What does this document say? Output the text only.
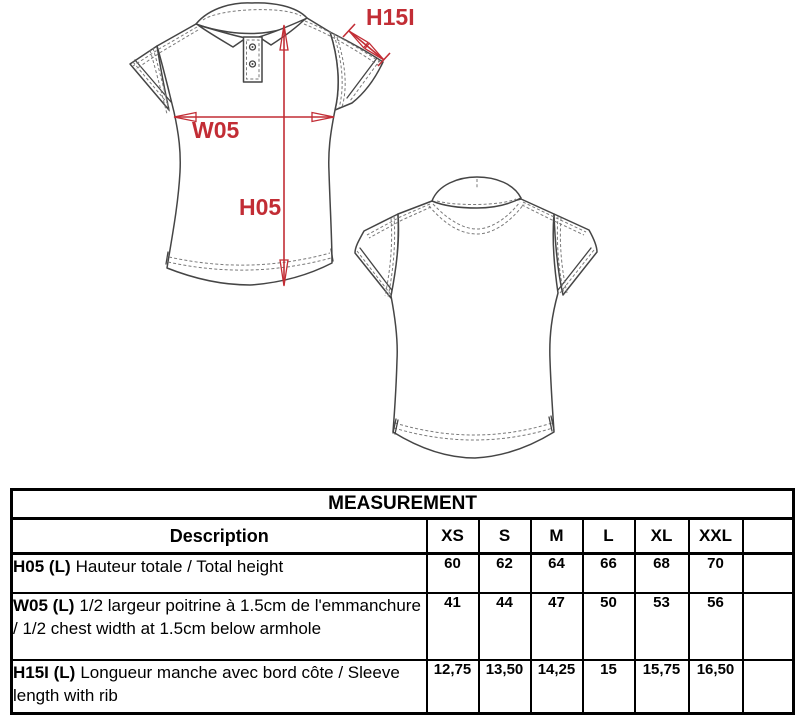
H15I
W05
H05
MEASUREMENT							
Description	XS	S	M	L	XL	XXL	
H05 (L) Hauteur totale / Total height	60	62	64	66	68	70	
W05 (L) 1/2 largeur poitrine à 1.5cm de l'emmanchure / 1/2 chest width at 1.5cm below armhole	41	44	47	50	53	56	
H15I (L) Longueur manche avec bord côte / Sleeve length with rib	12,75	13,50	14,25	15	15,75	16,50	
